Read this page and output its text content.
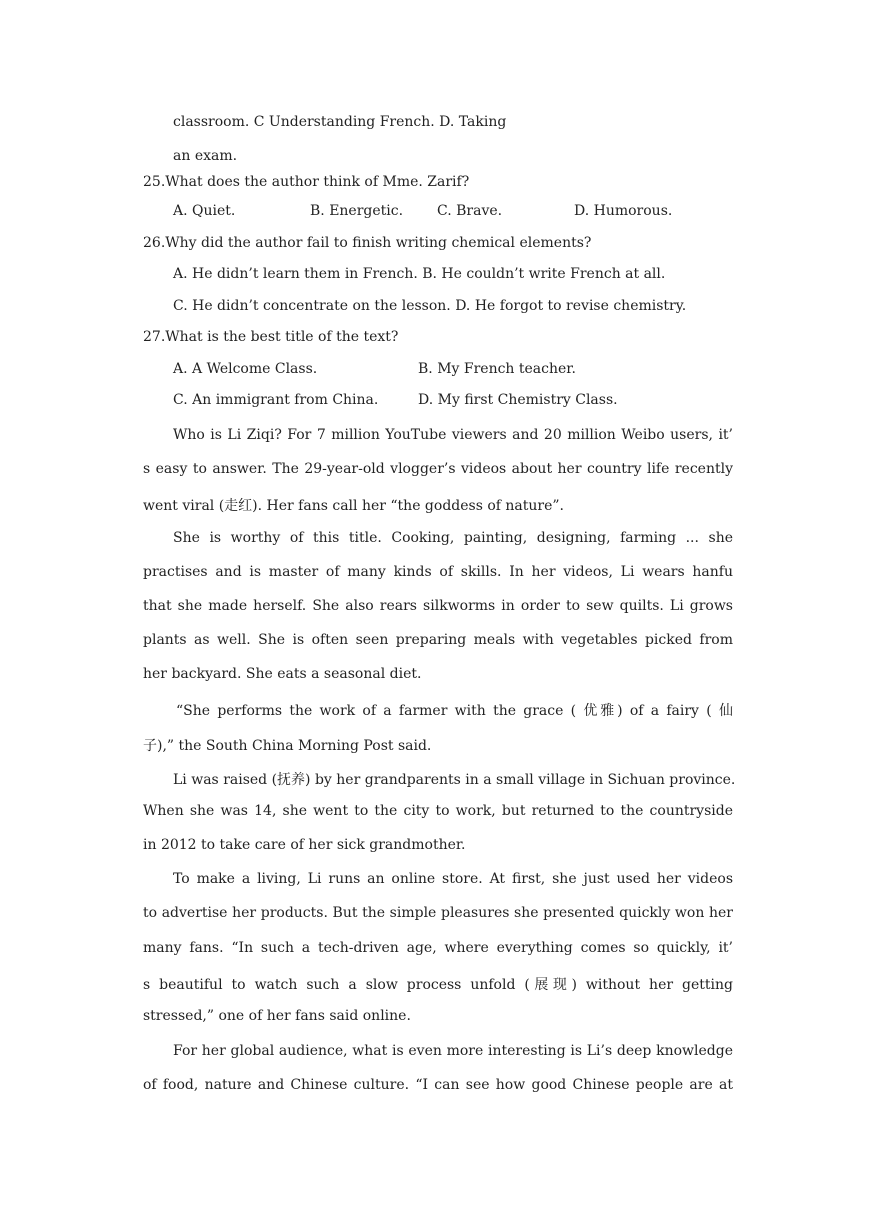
classroom. C Understanding French. D. Taking
an exam.
25.What does the author think of Mme. Zarif?
A. Quiet.	B. Energetic. C. Brave.	D. Humorous.
26.Why did the author fail to finish writing chemical elements?
A. He didn’t learn them in French. B. He couldn’t write French at all.
C. He didn’t concentrate on the lesson. D. He forgot to revise chemistry.
27.What is the best title of the text?
A. A Welcome Class.	B. My French teacher.
C. An immigrant from China.	D. My first Chemistry Class.
Who is Li Ziqi? For 7 million YouTube viewers and 20 million Weibo users, it’
s easy to answer. The 29-year-old vlogger’s videos about her country life recently
went viral (走红). Her fans call her “the goddess of nature”.
She is worthy of this title. Cooking, painting, designing, farming ... she
practises and is master of many kinds of skills. In her videos, Li wears hanfu
that she made herself. She also rears silkworms in order to sew quilts. Li grows
plants as well. She is often seen preparing meals with vegetables picked from
her backyard. She eats a seasonal diet.
“She performs the work of a farmer with the grace ( 优雅) of a fairy ( 仙
子),” the South China Morning Post said.
Li was raised (抚养) by her grandparents in a small village in Sichuan province.
When she was 14, she went to the city to work, but returned to the countryside
in 2012 to take care of her sick grandmother.
To make a living, Li runs an online store. At first, she just used her videos
to advertise her products. But the simple pleasures she presented quickly won her
many fans. “In such a tech-driven age, where everything comes so quickly, it’
s beautiful to watch such a slow process unfold (展现) without her getting
stressed,” one of her fans said online.
For her global audience, what is even more interesting is Li’s deep knowledge
of food, nature and Chinese culture. “I can see how good Chinese people are at
